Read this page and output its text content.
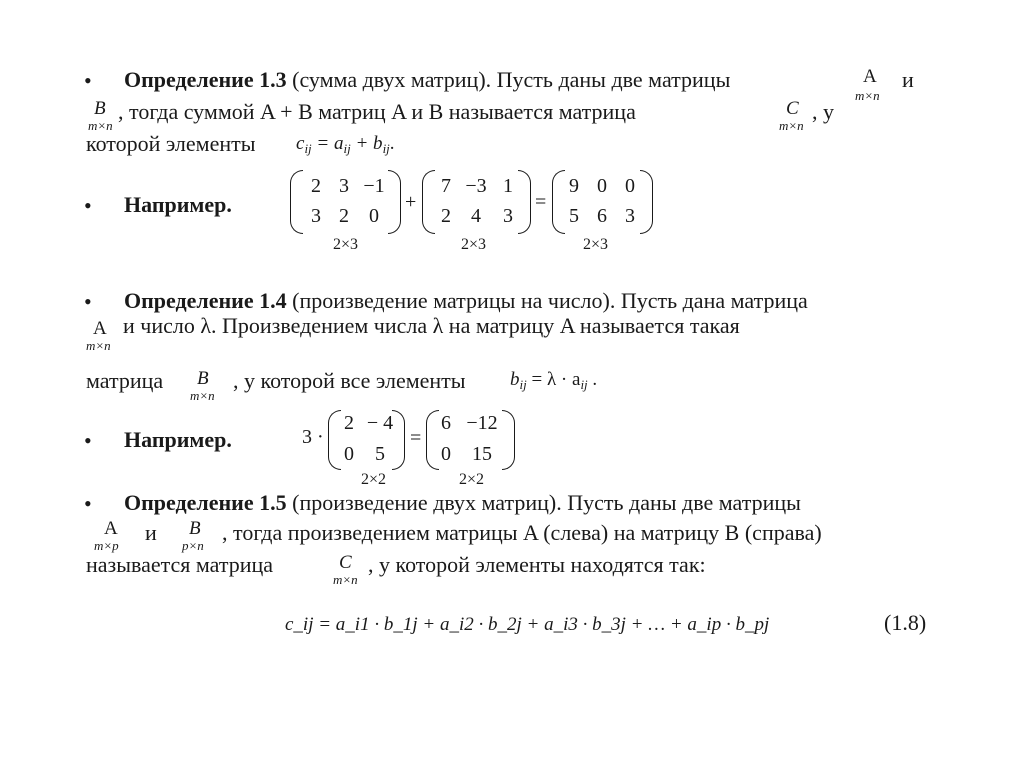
• Определение 1.3 (сумма двух матриц). Пусть даны две матрицы	A
m×n
и
B
m×n
, тогда суммой A + B матриц A и B называется матрица	C
m×n
, у
которой элементы $c_{ij} = a_{ij} + b_{ij}$.
• Например.
2 3 −1
3 2	0
+
7 −3 1
2	4	3
=
9 0 0
5 6 3
2×3	2×3	2×3
• Определение 1.4 (произведение матрицы на число). Пусть дана матрица
A
m×n
и число λ. Произведением числа λ на матрицу A называется такая
матрица B
m×n
, у которой все элементы $b_{ij} = \lambda \cdot a_{ij}$ .
• Например.	3 ·
2 − 4
0	5
=
6 −12
0	15
2×2	2×2
• Определение 1.5 (произведение двух матриц). Пусть даны две матрицы
A
m×p
и B
p×n
, тогда произведением матрицы A (слева) на матрицу B (справа)
называется матрица	C
m×n
, у которой элементы находятся так:
c_ij = a_i1 · b_1j + a_i2 · b_2j + a_i3 · b_3j + … + a_ip · b_pj	(1.8)
